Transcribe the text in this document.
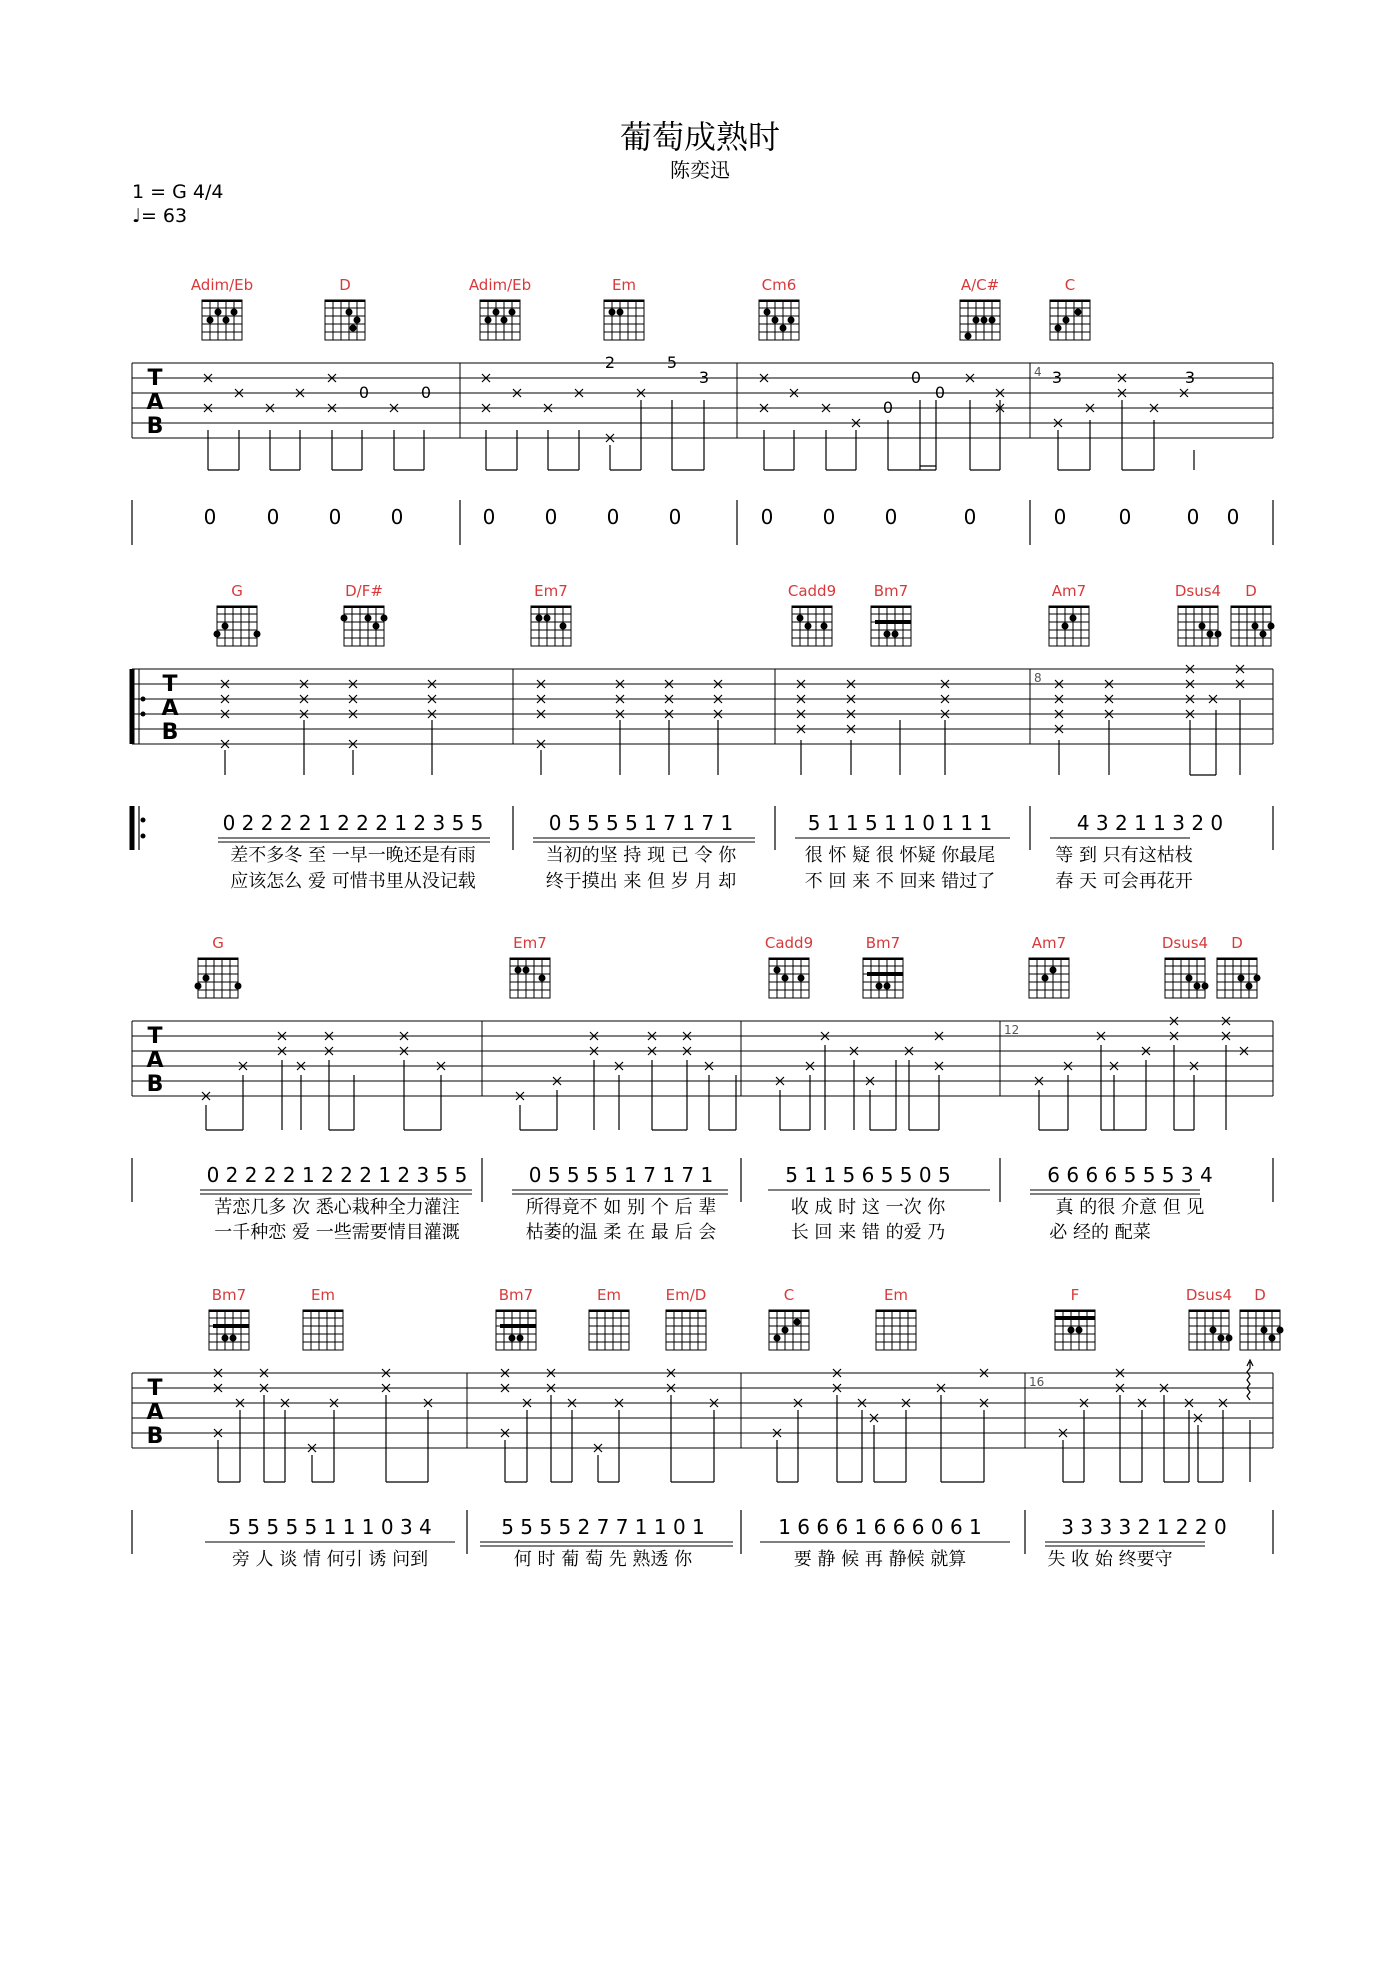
葡萄成熟时
陈奕迅
1 = G 4/4
♩= 63
Adim/Eb	D	Adim/Eb	Em	Cm6	A/C#	C
T
A
B
4
0	0
2	5
3	0
0
0
3	3
0	0 0 0	0 0 0 0	0 0 0	0	0	0	0 0
G	D/F#	Em7	Cadd9	Bm7	Am7	Dsus4 D
T
A
B
8
0 2 2 2 2 1 2 2 2 1 2 3 5 5	0 5 5 5 5 1 7 1 7 1	5 1 1 5 1 1 0 1 1 1	4 3 2 1 1 3 2 0
差不多冬 至 一早一晚还是有雨	当初的坚 持 现 已 令 你	很 怀 疑 很 怀疑 你最尾	等 到 只有这枯枝
应该怎么 爱 可惜书里从没记载	终于摸出 来 但 岁 月 却	不 回 来 不 回来 错过了	春 天 可会再花开
G	Em7	Cadd9	Bm7	Am7	Dsus4 D
T
A
B
12
0 2 2 2 2 1 2 2 2 1 2 3 5 5	0 5 5 5 5 1 7 1 7 1	5 1 1 5 6 5 5 0 5	6 6 6 6 5 5 5 3 4
苦恋几多 次 悉心栽种全力灌注	所得竟不 如 别 个 后 辈	收 成 时 这 一次 你	真 的很 介意 但 见
一千种恋 爱 一些需要情目灌溉	枯萎的温 柔 在 最 后 会	长 回 来 错 的爱 乃	必 经的 配菜
Bm7	Em	Bm7	Em	Em/D	C	Em	F	Dsus4 D
T
A
B
16
5 5 5 5 5 1 1 1 0 3 4	5 5 5 5 2 7 7 1 1 0 1	1 6 6 6 1 6 6 6 0 6 1	3 3 3 3 2 1 2 2 0
旁 人 谈 情 何引 诱 问到	何 时 葡 萄 先 熟透 你	要 静 候 再 静候 就算	失 收 始 终要守
